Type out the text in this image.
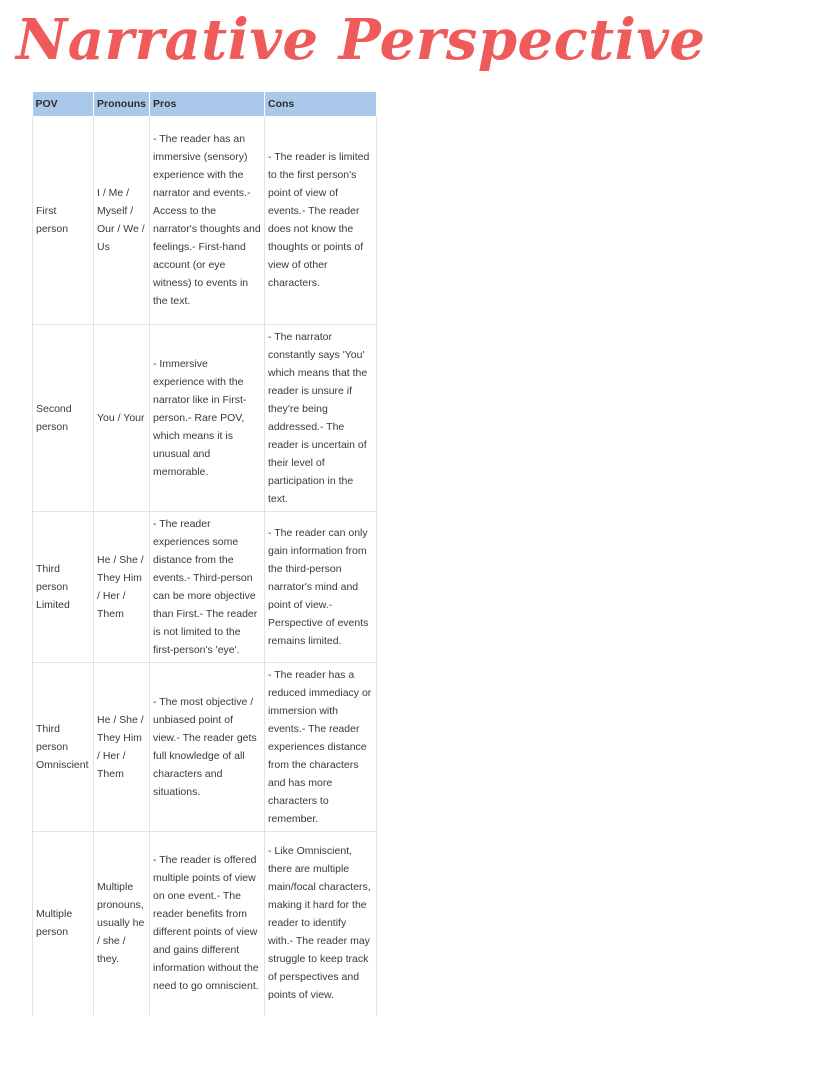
Narrative Perspective
POV	Pronouns	Pros	Cons
First person	I / Me / Myself / Our / We / Us	- The reader has an immersive (sensory) experience with the narrator and events.- Access to the narrator's thoughts and feelings.- First-hand account (or eye witness) to events in the text.	- The reader is limited to the first person's point of view of events.- The reader does not know the thoughts or points of view of other characters.
Second person	You / Your	- Immersive experience with the narrator like in First-person.- Rare POV, which means it is unusual and memorable.	- The narrator constantly says 'You' which means that the reader is unsure if they're being addressed.- The reader is uncertain of their level of participation in the text.
Third person Limited	He / She / They Him / Her / Them	- The reader experiences some distance from the events.- Third-person can be more objective than First.- The reader is not limited to the first-person's 'eye'.	- The reader can only gain information from the third-person narrator's mind and point of view.- Perspective of events remains limited.
Third person Omniscient	He / She / They Him / Her / Them	- The most objective / unbiased point of view.- The reader gets full knowledge of all characters and situations.	- The reader has a reduced immediacy or immersion with events.- The reader experiences distance from the characters and has more characters to remember.
Multiple person	Multiple pronouns, usually he / she / they.	- The reader is offered multiple points of view on one event.- The reader benefits from different points of view and gains different information without the need to go omniscient.	- Like Omniscient, there are multiple main/focal characters, making it hard for the reader to identify with.- The reader may struggle to keep track of perspectives and points of view.
